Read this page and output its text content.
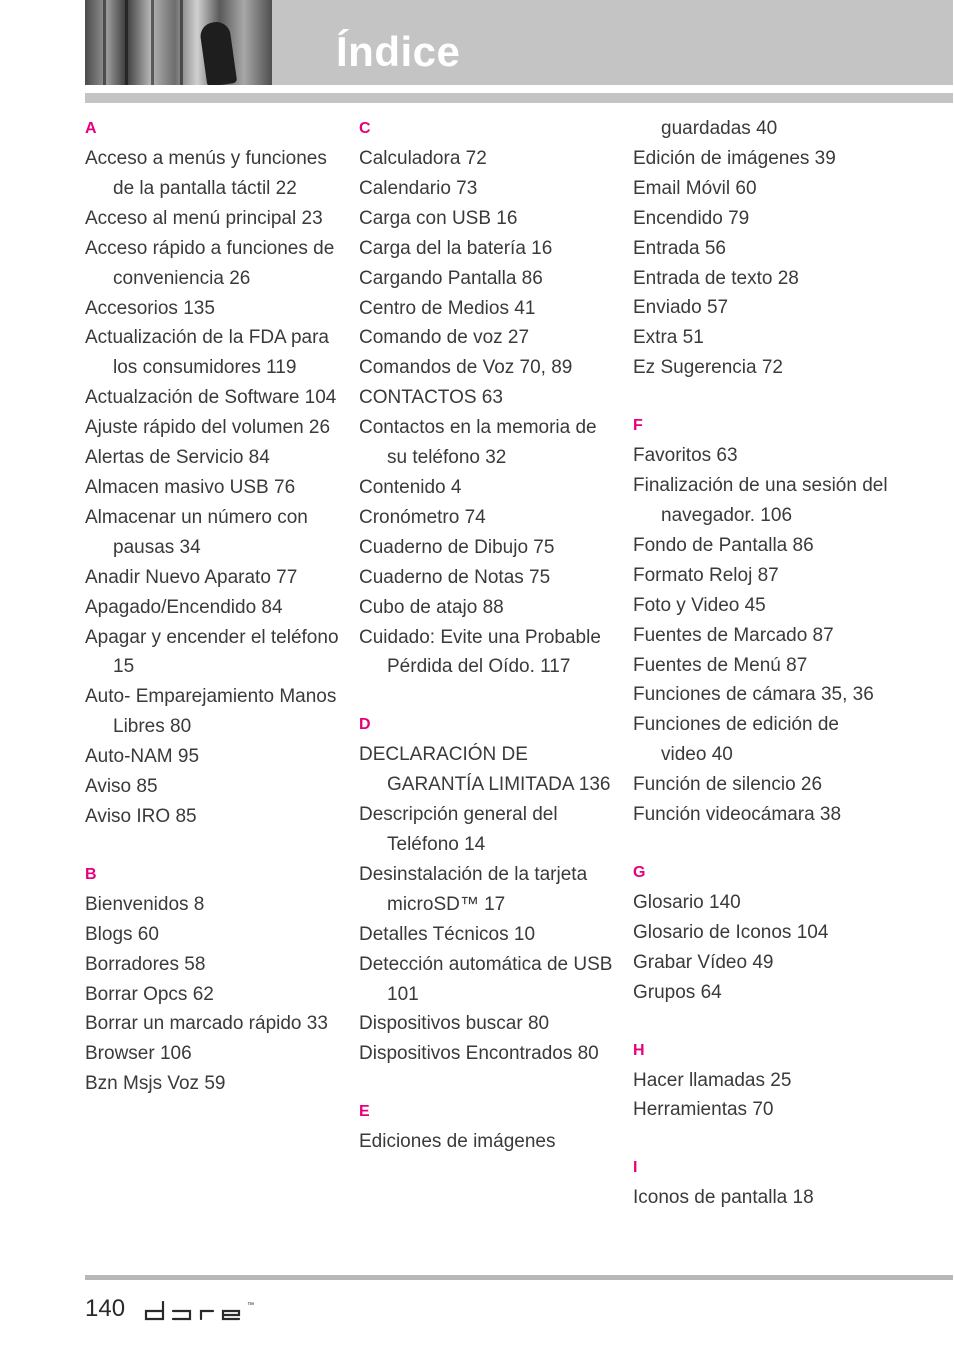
Índice
A
Acceso a menús y funciones de la pantalla táctil 22
Acceso al menú principal 23
Acceso rápido a funciones de conveniencia 26
Accesorios 135
Actualización de la FDA para los consumidores 119
Actualzación de Software 104
Ajuste rápido del volumen 26
Alertas de Servicio 84
Almacen masivo USB 76
Almacenar un número con pausas 34
Anadir Nuevo Aparato 77
Apagado/Encendido 84
Apagar y encender el teléfono 15
Auto- Emparejamiento Manos Libres 80
Auto-NAM 95
Aviso 85
Aviso IRO 85
B
Bienvenidos 8
Blogs 60
Borradores 58
Borrar Opcs 62
Borrar un marcado rápido 33
Browser 106
Bzn Msjs Voz 59
C
Calculadora 72
Calendario 73
Carga con USB 16
Carga del la batería 16
Cargando Pantalla 86
Centro de Medios 41
Comando de voz 27
Comandos de Voz 70, 89
CONTACTOS 63
Contactos en la memoria de su teléfono 32
Contenido 4
Cronómetro 74
Cuaderno de Dibujo 75
Cuaderno de Notas 75
Cubo de atajo 88
Cuidado: Evite una Probable Pérdida del Oído. 117
D
DECLARACIÓN DE GARANTÍA LIMITADA 136
Descripción general del Teléfono 14
Desinstalación de la tarjeta microSD™ 17
Detalles Técnicos 10
Detección automática de USB 101
Dispositivos buscar 80
Dispositivos Encontrados 80
E
Ediciones de imágenes
guardadas 40
Edición de imágenes 39
Email Móvil 60
Encendido 79
Entrada 56
Entrada de texto 28
Enviado 57
Extra 51
Ez Sugerencia 72
F
Favoritos 63
Finalización de una sesión del navegador. 106
Fondo de Pantalla 86
Formato Reloj 87
Foto y Video 45
Fuentes de Marcado 87
Fuentes de Menú 87
Funciones de cámara 35, 36
Funciones de edición de video 40
Función de silencio 26
Función videocámara 38
G
Glosario 140
Glosario de Iconos 104
Grabar Vídeo 49
Grupos 64
H
Hacer llamadas 25
Herramientas 70
I
Iconos de pantalla 18
140	™
